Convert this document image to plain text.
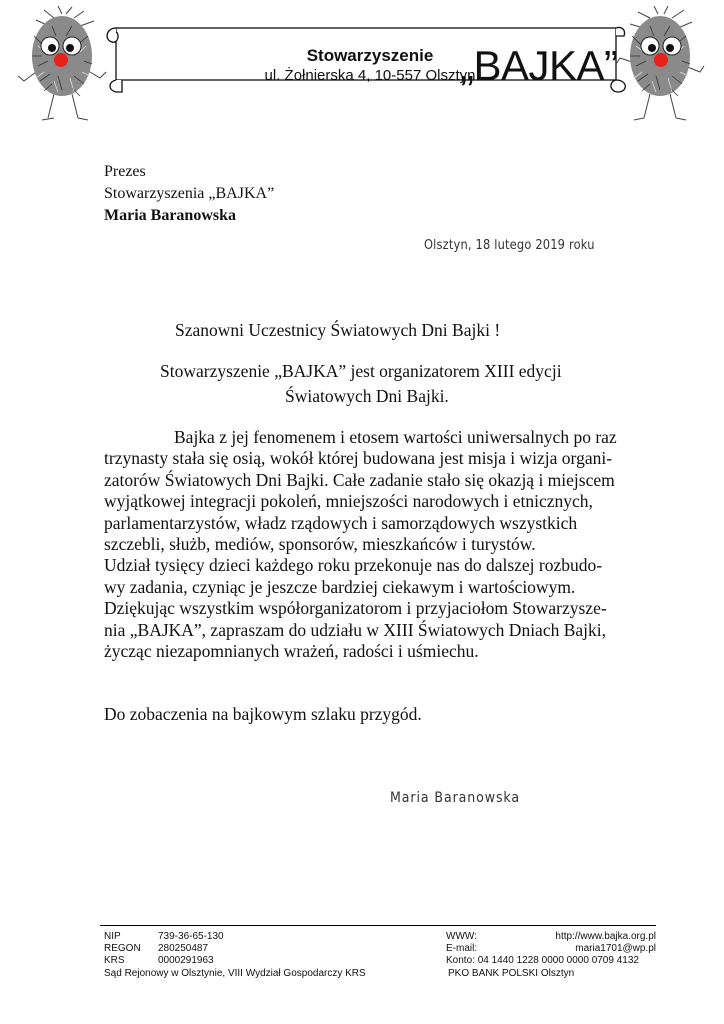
Stowarzyszenie
ul. Żołnierska 4, 10-557 Olsztyn
„BAJKA”
Prezes
Stowarzyszenia „BAJKA”
Maria Baranowska
Olsztyn, 18 lutego 2019 roku
Szanowni Uczestnicy Światowych Dni Bajki !
Stowarzyszenie „BAJKA” jest organizatorem XIII edycji
Światowych Dni Bajki.
Bajka z jej fenomenem i etosem wartości uniwersalnych po raz
trzynasty stała się osią, wokół której budowana jest misja i wizja organi-
zatorów Światowych Dni Bajki. Całe zadanie stało się okazją i miejscem
wyjątkowej integracji pokoleń, mniejszości narodowych i etnicznych,
parlamentarzystów, władz rządowych i samorządowych wszystkich
szczebli, służb, mediów, sponsorów, mieszkańców i turystów.
Udział tysięcy dzieci każdego roku przekonuje nas do dalszej rozbudo-
wy zadania, czyniąc je jeszcze bardziej ciekawym i wartościowym.
Dziękując wszystkim współorganizatorom i przyjaciołom Stowarzysze-
nia „BAJKA”, zapraszam do udziału w XIII Światowych Dniach Bajki,
życząc niezapomnianych wrażeń, radości i uśmiechu.
Do zobaczenia na bajkowym szlaku przygód.
Maria Baranowska
NIP	739-36-65-130
REGON 280250487
KRS	0000291963
Sąd Rejonowy w Olsztynie, VIII Wydział Gospodarczy KRS
WWW:	http://www.bajka.org.pl
E-mail:	maria1701@wp.pl
Konto: 04 1440 1228 0000 0000 0709 4132
PKO BANK POLSKI Olsztyn
